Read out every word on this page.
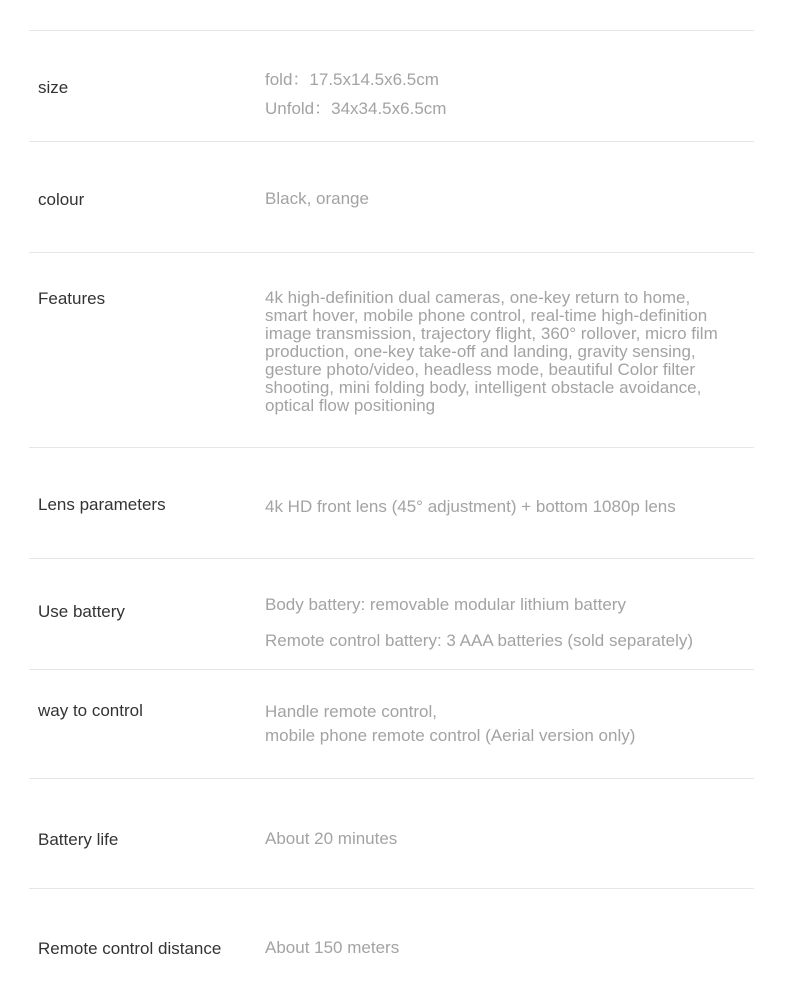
size	fold：17.5x14.5x6.5cm
Unfold：34x34.5x6.5cm
colour	Black, orange
Features	4k high-definition dual cameras, one-key return to home,
smart hover, mobile phone control, real-time high-definition
image transmission, trajectory flight, 360° rollover, micro film
production, one-key take-off and landing, gravity sensing,
gesture photo/video, headless mode, beautiful Color filter
shooting, mini folding body, intelligent obstacle avoidance,
optical flow positioning
Lens parameters	4k HD front lens (45° adjustment) + bottom 1080p lens
Use battery	Body battery: removable modular lithium battery
Remote control battery: 3 AAA batteries (sold separately)
way to control	Handle remote control,
mobile phone remote control (Aerial version only)
Battery life	About 20 minutes
Remote control distance	About 150 meters
